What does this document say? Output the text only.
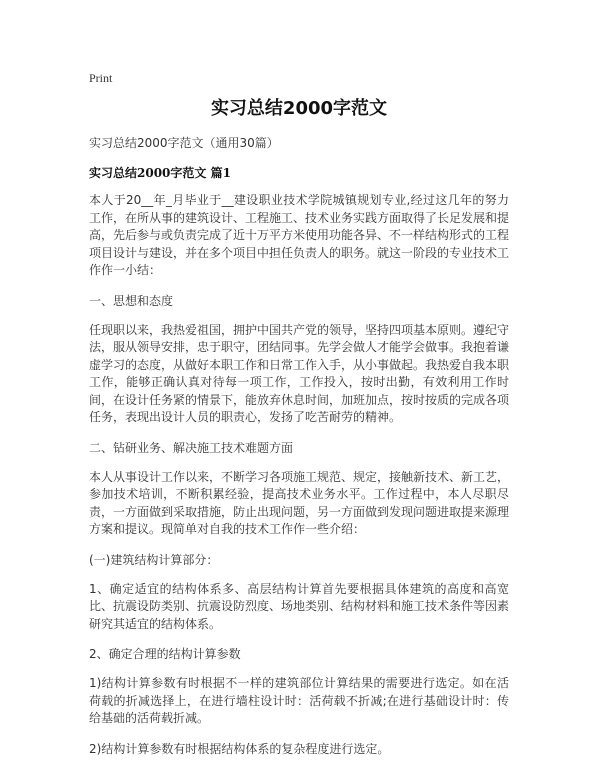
Print
实习总结2000字范文
实习总结2000字范文（通用30篇）
实习总结2000字范文 篇1

本人于20__年_月毕业于__建设职业技术学院城镇规划专业,经过这几年的努力工作，在所从事的建筑设计、工程施工、技术业务实践方面取得了长足发展和提高，先后参与或负责完成了近十万平方米使用功能各异、不一样结构形式的工程项目设计与建设，并在多个项目中担任负责人的职务。就这一阶段的专业技术工作作一小结：

一、思想和态度

任现职以来，我热爱祖国，拥护中国共产党的领导，坚持四项基本原则。遵纪守法，服从领导安排，忠于职守，团结同事。先学会做人才能学会做事。我抱着谦虚学习的态度，从做好本职工作和日常工作入手，从小事做起。我热爱自我本职工作，能够正确认真对待每一项工作，工作投入，按时出勤，有效利用工作时间，在设计任务紧的情景下，能放弃休息时间，加班加点，按时按质的完成各项任务，表现出设计人员的职责心，发扬了吃苦耐劳的精神。

二、钻研业务、解决施工技术难题方面

本人从事设计工作以来，不断学习各项施工规范、规定，接触新技术、新工艺，参加技术培训，不断积累经验，提高技术业务水平。工作过程中，本人尽职尽责，一方面做到采取措施，防止出现问题，另一方面做到发现问题进取提来源理方案和提议。现简单对自我的技术工作作一些介绍：

(一)建筑结构计算部分：

1、确定适宜的结构体系多、高层结构计算首先要根据具体建筑的高度和高宽比、抗震设防类别、抗震设防烈度、场地类别、结构材料和施工技术条件等因素研究其适宜的结构体系。

2、确定合理的结构计算参数

1)结构计算参数有时根据不一样的建筑部位计算结果的需要进行选定。如在活荷载的折减选择上，在进行墙柱设计时：活荷载不折减;在进行基础设计时：传给基础的活荷载折减。

2)结构计算参数有时根据结构体系的复杂程度进行选定。
